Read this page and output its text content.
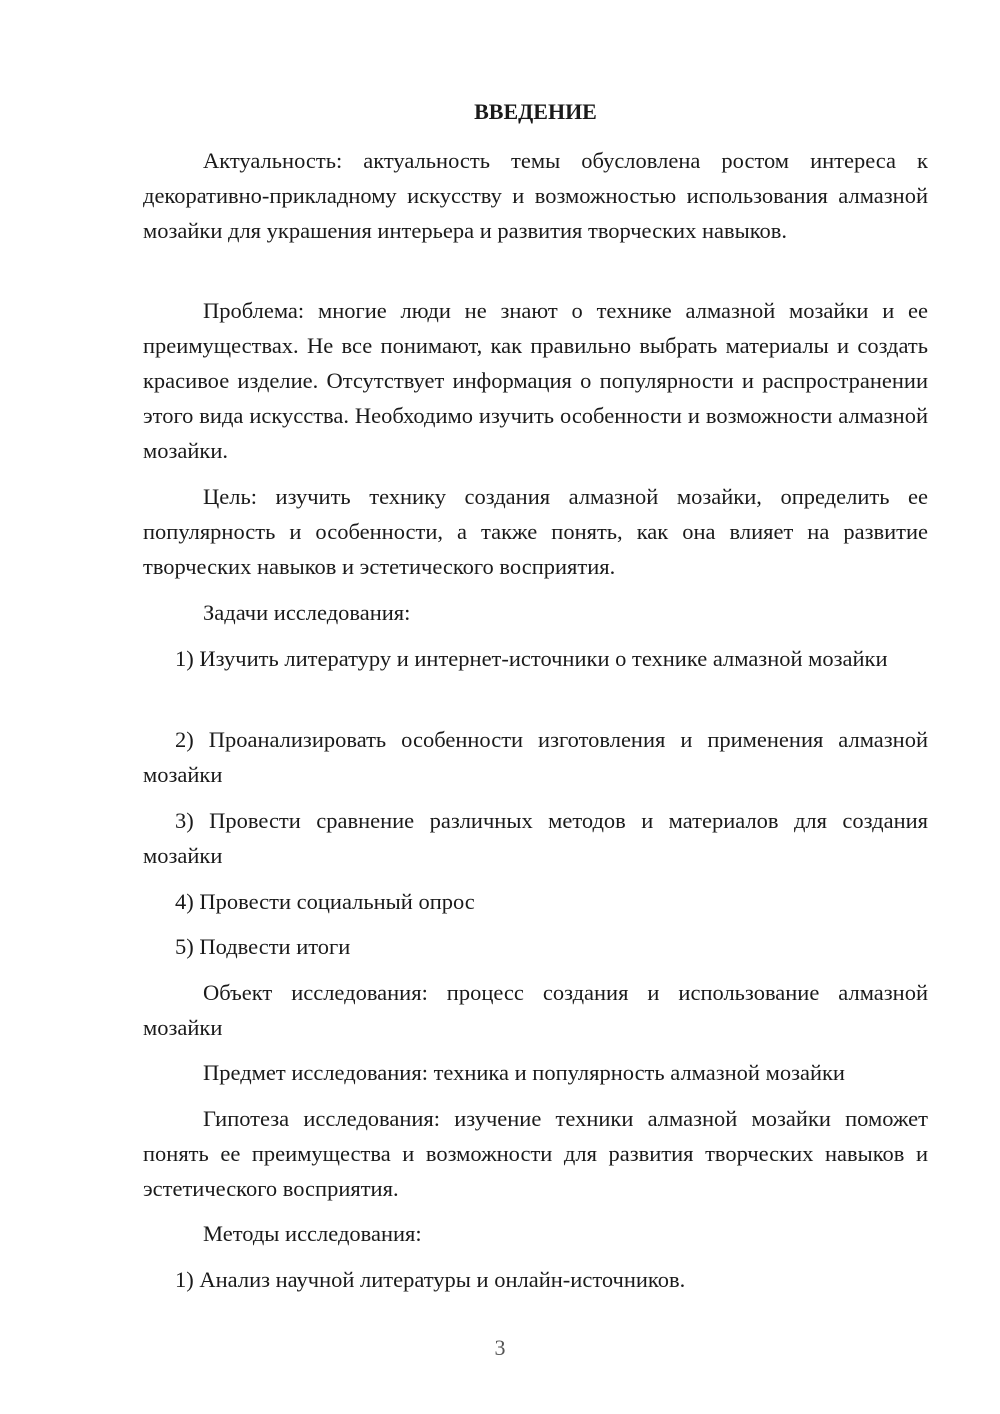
ВВЕДЕНИЕ

Актуальность: актуальность темы обусловлена ростом интереса к декоративно-прикладному искусству и возможностью использования алмазной мозайки для украшения интерьера и развития творческих навыков.

Проблема: многие люди не знают о технике алмазной мозайки и ее преимуществах. Не все понимают, как правильно выбрать материалы и создать красивое изделие. Отсутствует информация о популярности и распространении этого вида искусства. Необходимо изучить особенности и возможности алмазной мозайки.

Цель: изучить технику создания алмазной мозайки, определить ее популярность и особенности, а также понять, как она влияет на развитие творческих навыков и эстетического восприятия.

Задачи исследования:

1) Изучить литературу и интернет-источники о технике алмазной мозайки

2) Проанализировать особенности изготовления и применения алмазной мозайки

3) Провести сравнение различных методов и материалов для создания мозайки

4) Провести социальный опрос

5) Подвести итоги

Объект исследования: процесс создания и использование алмазной мозайки

Предмет исследования: техника и популярность алмазной мозайки

Гипотеза исследования: изучение техники алмазной мозайки поможет понять ее преимущества и возможности для развития творческих навыков и эстетического восприятия.

Методы исследования:

1) Анализ научной литературы и онлайн-источников.

3
